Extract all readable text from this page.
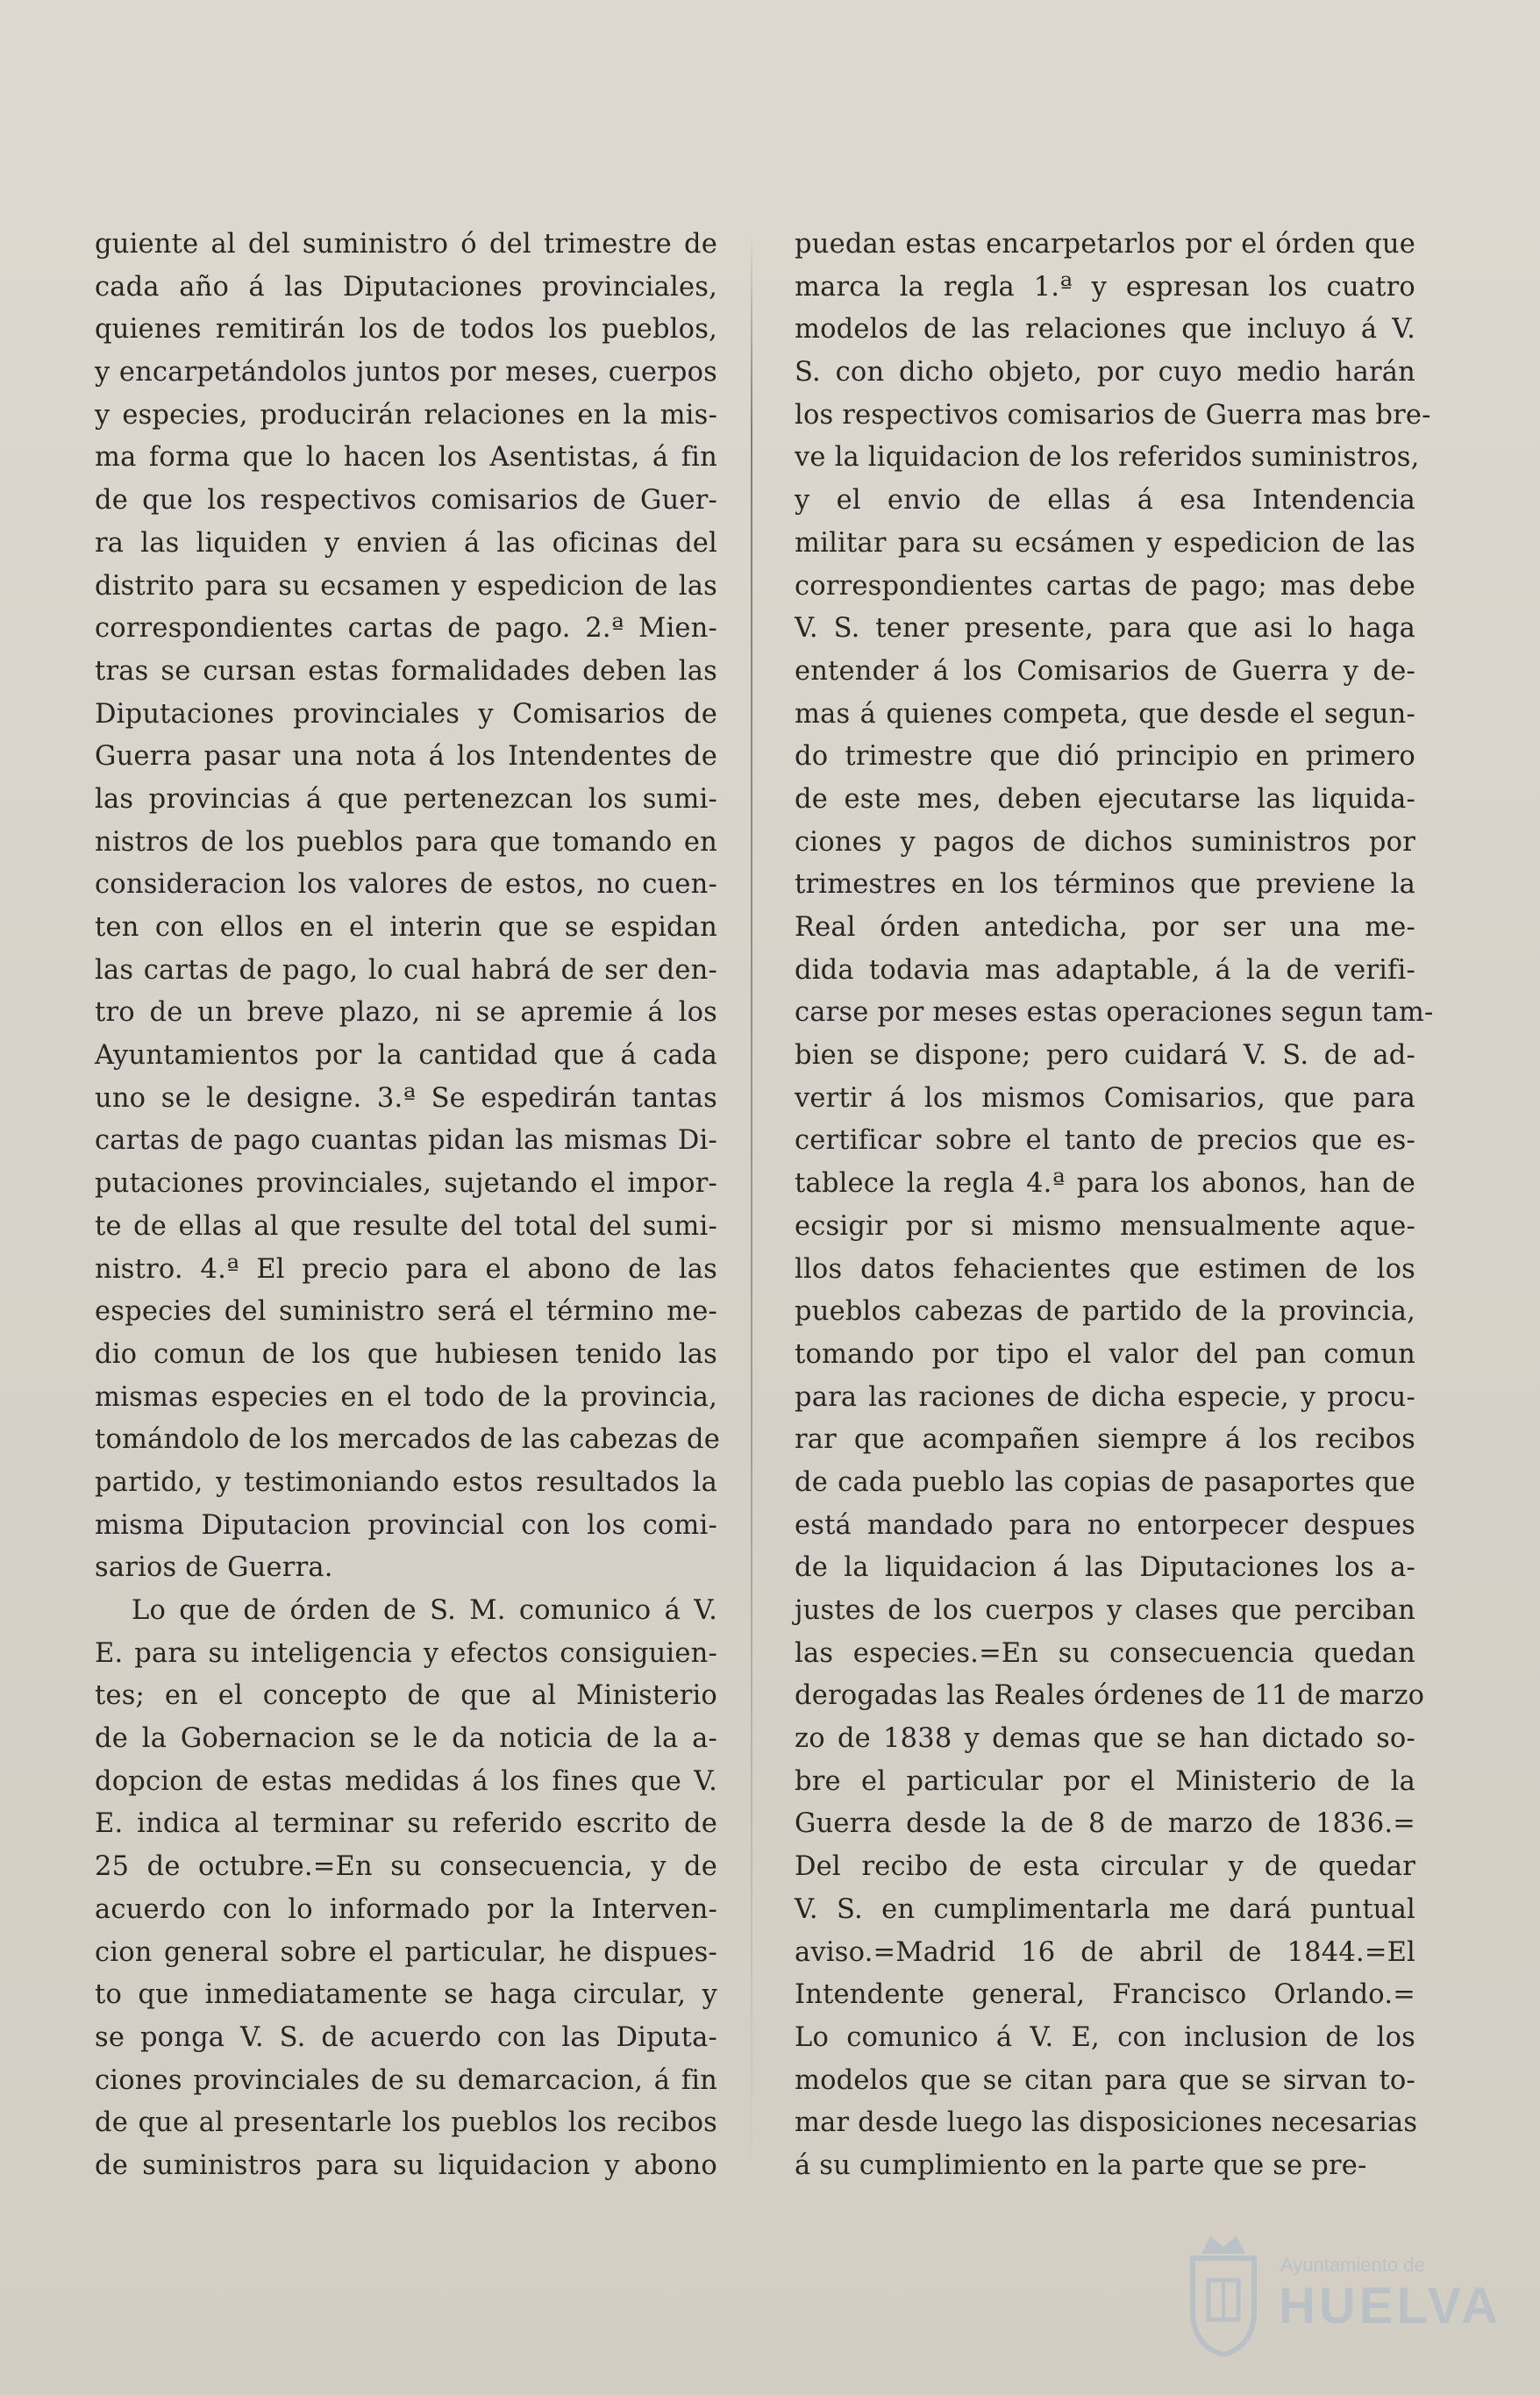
guiente al del suministro ó del trimestre de
cada año á las Diputaciones provinciales,
quienes remitirán los de todos los pueblos,
y encarpetándolos juntos por meses, cuerpos
y especies, producirán relaciones en la mis-
ma forma que lo hacen los Asentistas, á fin
de que los respectivos comisarios de Guer-
ra las liquiden y envien á las oficinas del
distrito para su ecsamen y espedicion de las
correspondientes cartas de pago. 2.ª Mien-
tras se cursan estas formalidades deben las
Diputaciones provinciales y Comisarios de
Guerra pasar una nota á los Intendentes de
las provincias á que pertenezcan los sumi-
nistros de los pueblos para que tomando en
consideracion los valores de estos, no cuen-
ten con ellos en el interin que se espidan
las cartas de pago, lo cual habrá de ser den-
tro de un breve plazo, ni se apremie á los
Ayuntamientos por la cantidad que á cada
uno se le designe. 3.ª Se espedirán tantas
cartas de pago cuantas pidan las mismas Di-
putaciones provinciales, sujetando el impor-
te de ellas al que resulte del total del sumi-
nistro. 4.ª El precio para el abono de las
especies del suministro será el término me-
dio comun de los que hubiesen tenido las
mismas especies en el todo de la provincia,
tomándolo de los mercados de las cabezas de
partido, y testimoniando estos resultados la
misma Diputacion provincial con los comi-
sarios de Guerra.
Lo que de órden de S. M. comunico á V.
E. para su inteligencia y efectos consiguien-
tes; en el concepto de que al Ministerio
de la Gobernacion se le da noticia de la a-
dopcion de estas medidas á los fines que V.
E. indica al terminar su referido escrito de
25 de octubre.=En su consecuencia, y de
acuerdo con lo informado por la Interven-
cion general sobre el particular, he dispues-
to que inmediatamente se haga circular, y
se ponga V. S. de acuerdo con las Diputa-
ciones provinciales de su demarcacion, á fin
de que al presentarle los pueblos los recibos
de suministros para su liquidacion y abono
puedan estas encarpetarlos por el órden que
marca la regla 1.ª y espresan los cuatro
modelos de las relaciones que incluyo á V.
S. con dicho objeto, por cuyo medio harán
los respectivos comisarios de Guerra mas bre-
ve la liquidacion de los referidos suministros,
y el envio de ellas á esa Intendencia
militar para su ecsámen y espedicion de las
correspondientes cartas de pago; mas debe
V. S. tener presente, para que asi lo haga
entender á los Comisarios de Guerra y de-
mas á quienes competa, que desde el segun-
do trimestre que dió principio en primero
de este mes, deben ejecutarse las liquida-
ciones y pagos de dichos suministros por
trimestres en los términos que previene la
Real órden antedicha, por ser una me-
dida todavia mas adaptable, á la de verifi-
carse por meses estas operaciones segun tam-
bien se dispone; pero cuidará V. S. de ad-
vertir á los mismos Comisarios, que para
certificar sobre el tanto de precios que es-
tablece la regla 4.ª para los abonos, han de
ecsigir por si mismo mensualmente aque-
llos datos fehacientes que estimen de los
pueblos cabezas de partido de la provincia,
tomando por tipo el valor del pan comun
para las raciones de dicha especie, y procu-
rar que acompañen siempre á los recibos
de cada pueblo las copias de pasaportes que
está mandado para no entorpecer despues
de la liquidacion á las Diputaciones los a-
justes de los cuerpos y clases que perciban
las especies.=En su consecuencia quedan
derogadas las Reales órdenes de 11 de marzo
zo de 1838 y demas que se han dictado so-
bre el particular por el Ministerio de la
Guerra desde la de 8 de marzo de 1836.=
Del recibo de esta circular y de quedar
V. S. en cumplimentarla me dará puntual
aviso.=Madrid 16 de abril de 1844.=El
Intendente general, Francisco Orlando.=
Lo comunico á V. E, con inclusion de los
modelos que se citan para que se sirvan to-
mar desde luego las disposiciones necesarias
á su cumplimiento en la parte que se pre-
Ayuntamiento de
HUELVA
